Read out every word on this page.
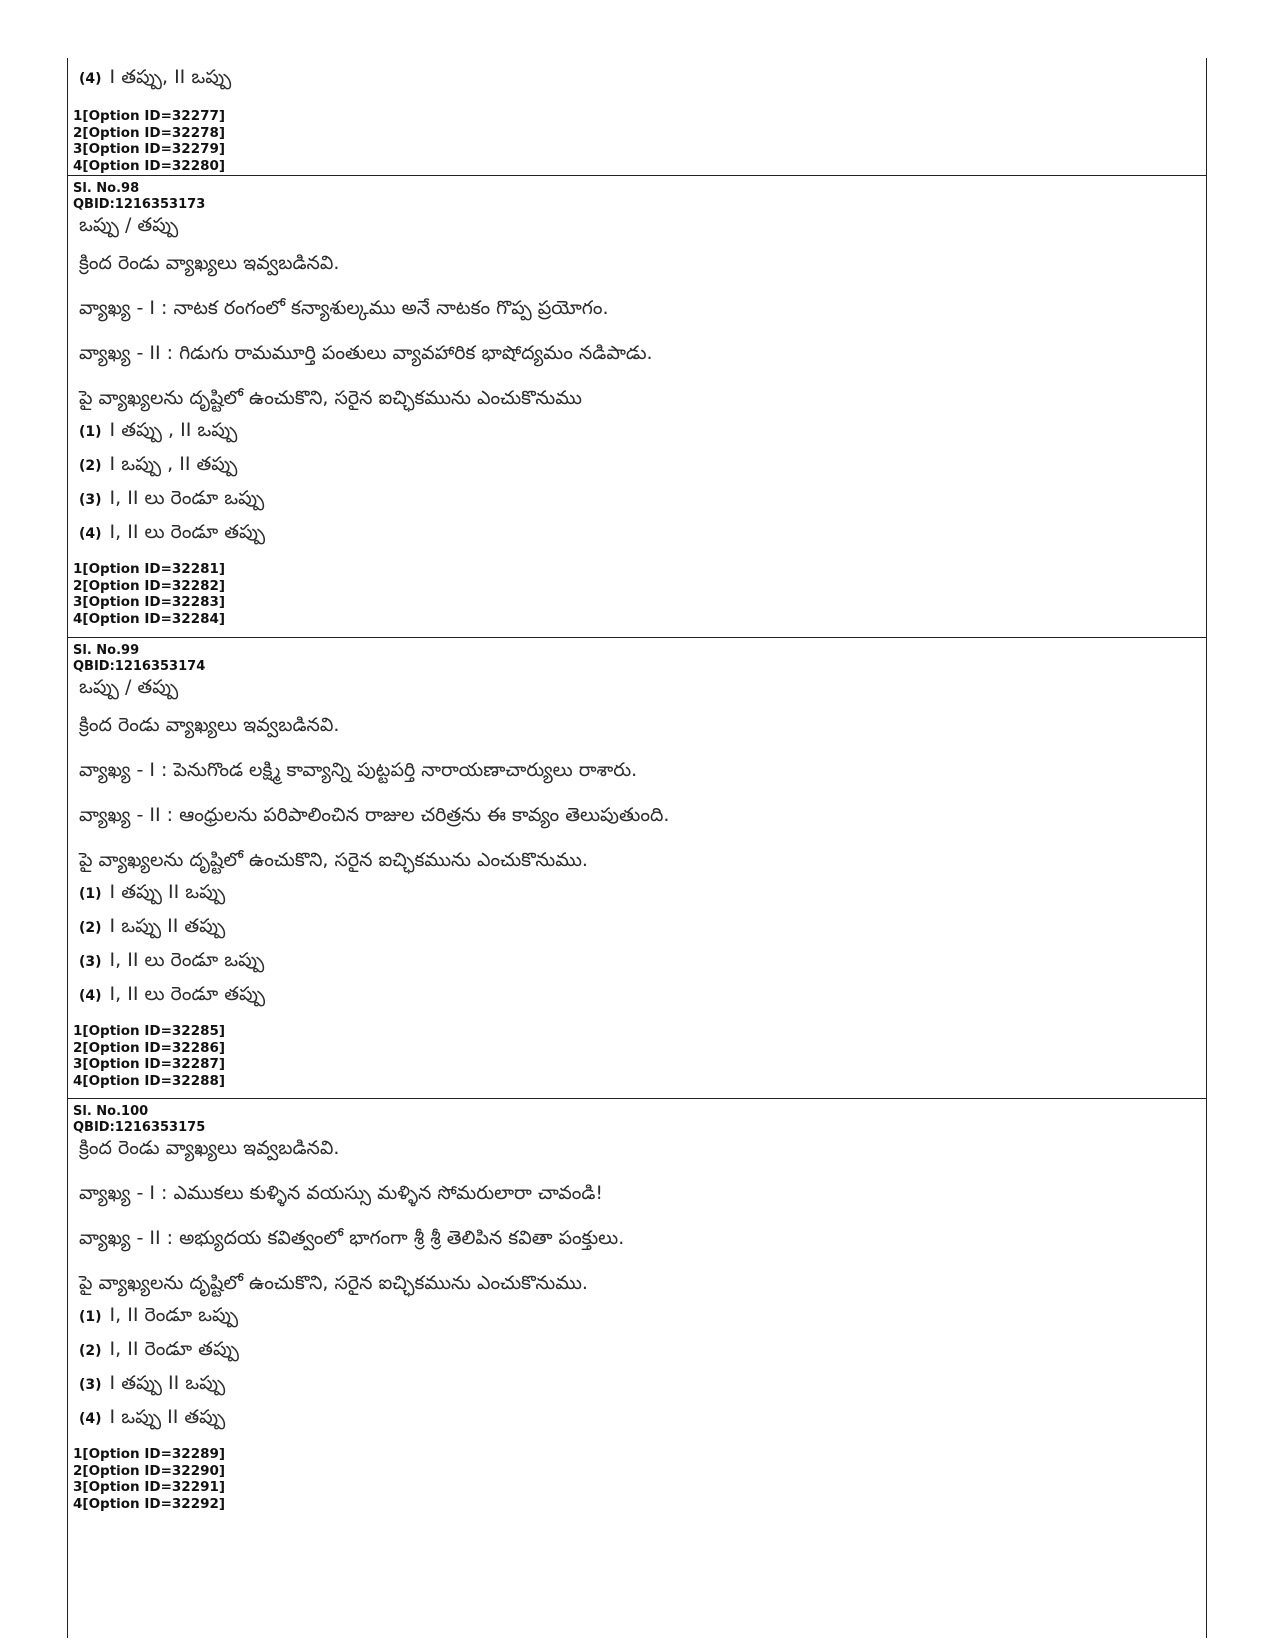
(4) I తప్పు, II ఒప్పు
1[Option ID=32277]
2[Option ID=32278]
3[Option ID=32279]
4[Option ID=32280]
Sl. No.98
QBID:1216353173
ఒప్పు / తప్పు
క్రింద రెండు వ్యాఖ్యలు ఇవ్వబడినవి.
వ్యాఖ్య - I : నాటక రంగంలో కన్యాశుల్కము అనే నాటకం గొప్ప ప్రయోగం.
వ్యాఖ్య - II : గిడుగు రామమూర్తి పంతులు వ్యావహారిక భాషోద్యమం నడిపాడు.
పై వ్యాఖ్యలను దృష్టిలో ఉంచుకొని, సరైన ఐచ్ఛికమును ఎంచుకొనుము
(1) I తప్పు , II ఒప్పు
(2) I ఒప్పు , II తప్పు
(3) I, II లు రెండూ ఒప్పు
(4) I, II లు రెండూ తప్పు
1[Option ID=32281]
2[Option ID=32282]
3[Option ID=32283]
4[Option ID=32284]
Sl. No.99
QBID:1216353174
ఒప్పు / తప్పు
క్రింద రెండు వ్యాఖ్యలు ఇవ్వబడినవి.
వ్యాఖ్య - I : పెనుగొండ లక్ష్మి కావ్యాన్ని పుట్టపర్తి నారాయణాచార్యులు రాశారు.
వ్యాఖ్య - II : ఆంధ్రులను పరిపాలించిన రాజుల చరిత్రను ఈ కావ్యం తెలుపుతుంది.
పై వ్యాఖ్యలను దృష్టిలో ఉంచుకొని, సరైన ఐచ్ఛికమును ఎంచుకొనుము.
(1) I తప్పు II ఒప్పు
(2) I ఒప్పు II తప్పు
(3) I, II లు రెండూ ఒప్పు
(4) I, II లు రెండూ తప్పు
1[Option ID=32285]
2[Option ID=32286]
3[Option ID=32287]
4[Option ID=32288]
Sl. No.100
QBID:1216353175
క్రింద రెండు వ్యాఖ్యలు ఇవ్వబడినవి.
వ్యాఖ్య - I : ఎముకలు కుళ్ళిన వయస్సు మళ్ళిన సోమరులారా చావండి!
వ్యాఖ్య - II : అభ్యుదయ కవిత్వంలో భాగంగా శ్రీ శ్రీ తెలిపిన కవితా పంక్తులు.
పై వ్యాఖ్యలను దృష్టిలో ఉంచుకొని, సరైన ఐచ్ఛికమును ఎంచుకొనుము.
(1) I, II రెండూ ఒప్పు
(2) I, II రెండూ తప్పు
(3) I తప్పు II ఒప్పు
(4) I ఒప్పు II తప్పు
1[Option ID=32289]
2[Option ID=32290]
3[Option ID=32291]
4[Option ID=32292]
